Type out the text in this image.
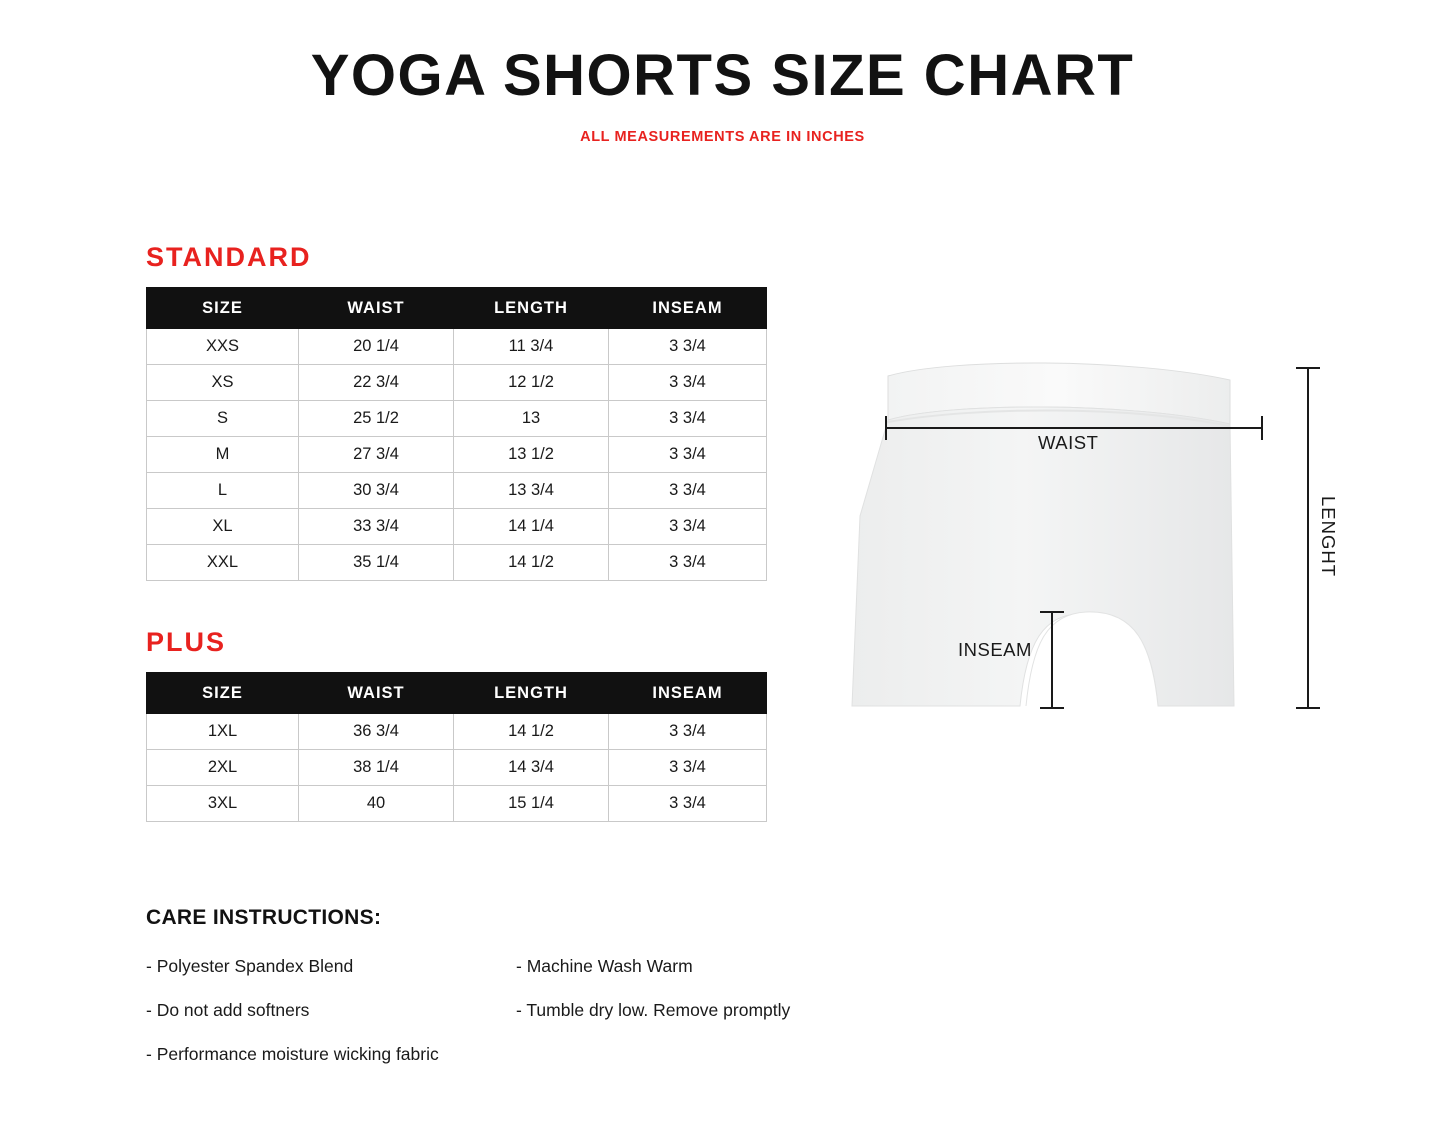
YOGA SHORTS SIZE CHART
ALL MEASUREMENTS ARE IN INCHES
STANDARD
SIZE	WAIST	LENGTH	INSEAM
XXS	20 1/4	11 3/4	3 3/4
XS	22 3/4	12 1/2	3 3/4
S	25 1/2	13	3 3/4
M	27 3/4	13 1/2	3 3/4
L	30 3/4	13 3/4	3 3/4
XL	33 3/4	14 1/4	3 3/4
XXL	35 1/4	14 1/2	3 3/4
PLUS
SIZE	WAIST	LENGTH	INSEAM
1XL	36 3/4	14 1/2	3 3/4
2XL	38 1/4	14 3/4	3 3/4
3XL	40	15 1/4	3 3/4
CARE INSTRUCTIONS:
- Polyester Spandex Blend
- Do not add softners
- Performance moisture wicking fabric
- Machine Wash Warm
- Tumble dry low. Remove promptly
WAIST
INSEAM
LENGHT
